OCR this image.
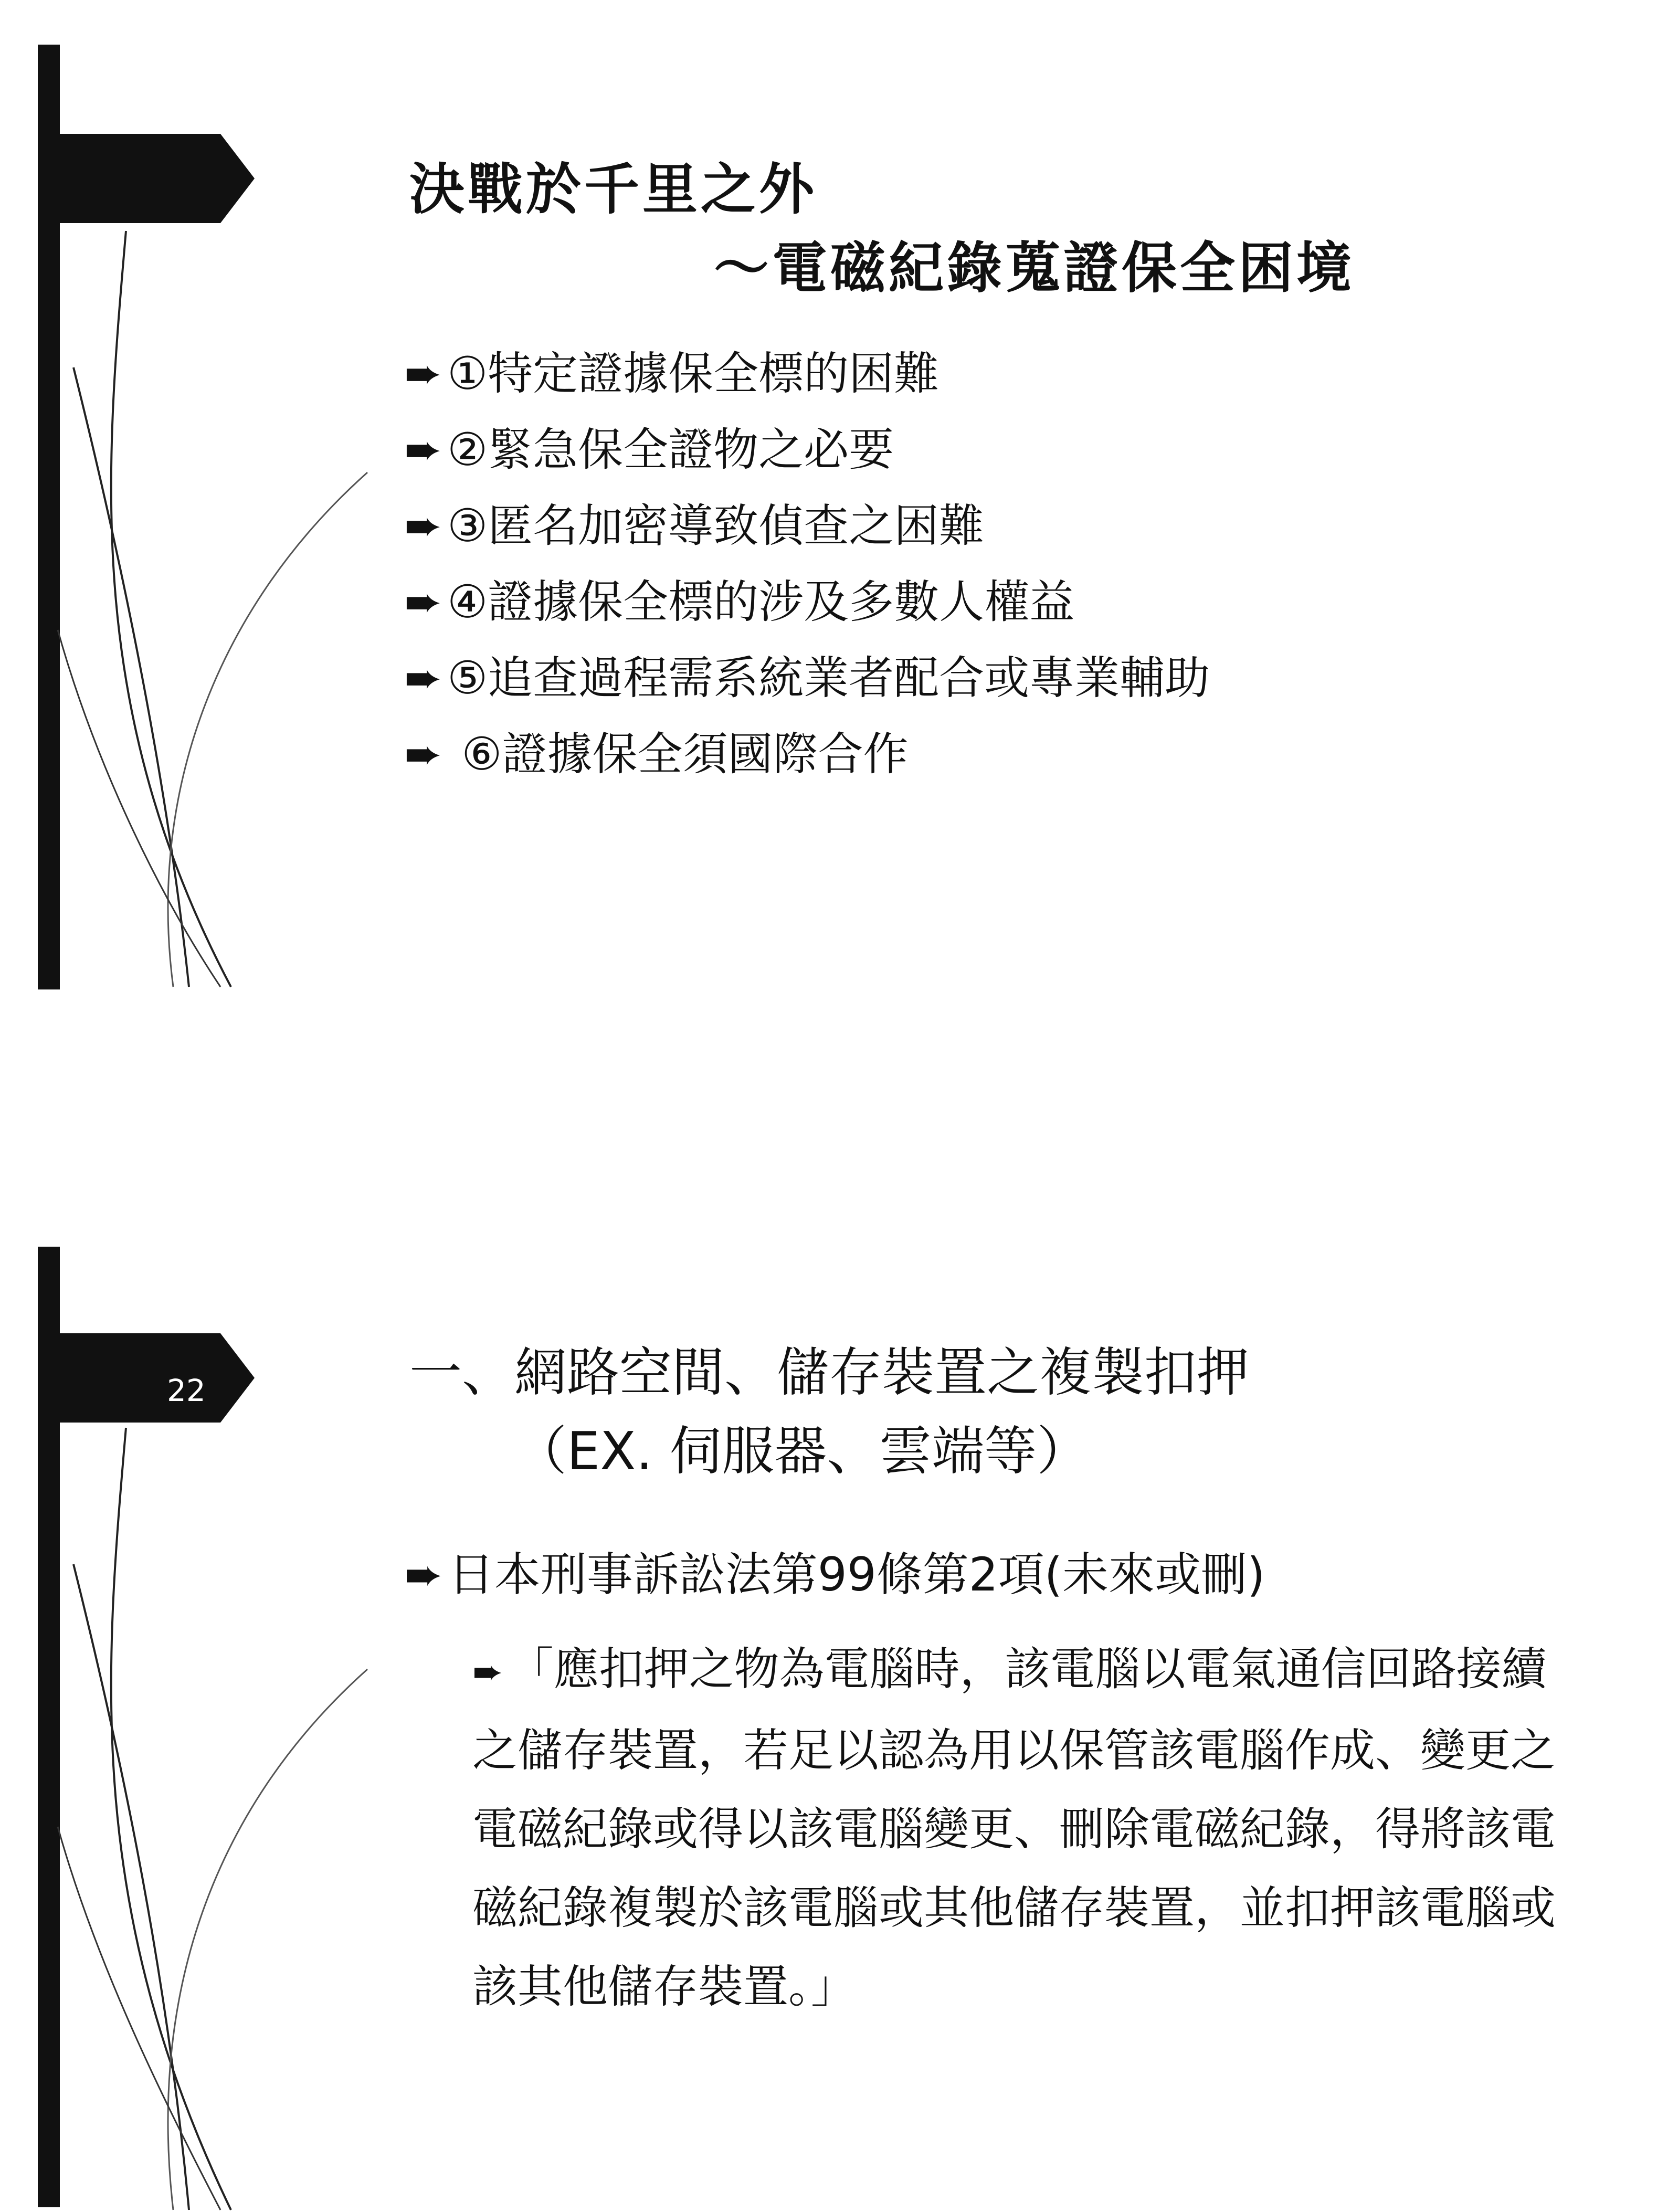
決戰於千里之外
～電磁紀錄蒐證保全困境
➨ ①特定證據保全標的困難
➨ ②緊急保全證物之必要
➨ ③匿名加密導致偵查之困難
➨ ④證據保全標的涉及多數人權益
➨ ⑤追查過程需系統業者配合或專業輔助
➨ ⑥證據保全須國際合作
22	一、網路空間、儲存裝置之複製扣押
（EX. 伺服器、雲端等）
➨ 日本刑事訴訟法第99條第2項(未來或刪)
➨ 「應扣押之物為電腦時，該電腦以電氣通信回路接續之儲存裝置，若足以認為用以保管該電腦作成、變更之電磁紀錄或得以該電腦變更、刪除電磁紀錄，得將該電磁紀錄複製於該電腦或其他儲存裝置，並扣押該電腦或該其他儲存裝置。」
